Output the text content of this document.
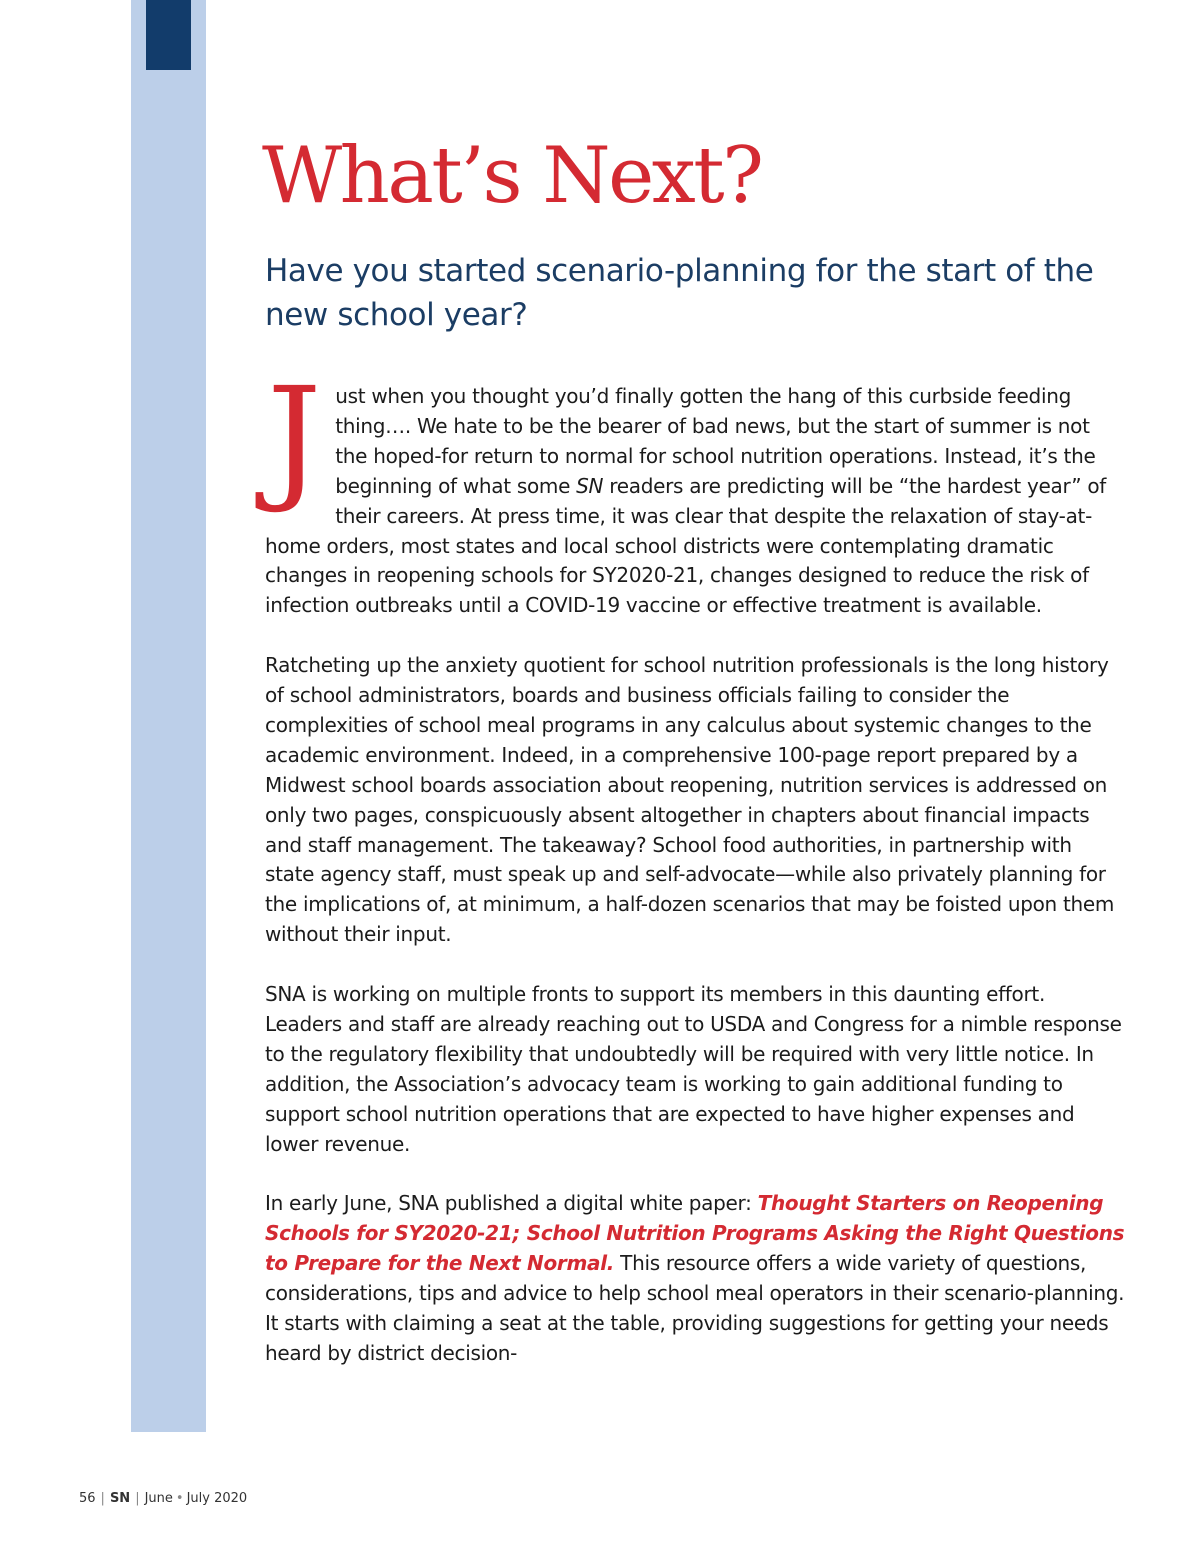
What’s Next?
Have you started scenario-planning for the start of the new school year?

Just when you thought you’d finally gotten the hang of this curbside feeding thing…. We hate to be the bearer of bad news, but the start of summer is not the hoped-for return to normal for school nutrition operations. Instead, it’s the beginning of what some SN readers are predicting will be “the hardest year” of their careers. At press time, it was clear that despite the relaxation of stay-at-home orders, most states and local school districts were contemplating dramatic changes in reopening schools for SY2020-21, changes designed to reduce the risk of infection outbreaks until a COVID-19 vaccine or effective treatment is available.

Ratcheting up the anxiety quotient for school nutrition professionals is the long history of school administrators, boards and business officials failing to consider the complexities of school meal programs in any calculus about systemic changes to the academic environment. Indeed, in a comprehensive 100-page report prepared by a Midwest school boards association about reopening, nutrition services is addressed on only two pages, conspicuously absent altogether in chapters about financial impacts and staff management. The takeaway? School food authorities, in partnership with state agency staff, must speak up and self-advocate—while also privately planning for the implications of, at minimum, a half-dozen scenarios that may be foisted upon them without their input.

SNA is working on multiple fronts to support its members in this daunting effort. Leaders and staff are already reaching out to USDA and Congress for a nimble response to the regulatory flexibility that undoubtedly will be required with very little notice. In addition, the Association’s advocacy team is working to gain additional funding to support school nutrition operations that are expected to have higher expenses and lower revenue.

In early June, SNA published a digital white paper: Thought Starters on Reopening Schools for SY2020-21; School Nutrition Programs Asking the Right Questions to Prepare for the Next Normal. This resource offers a wide variety of questions, considerations, tips and advice to help school meal operators in their scenario-planning. It starts with claiming a seat at the table, providing suggestions for getting your needs heard by district decision-

56 | SN | June • July 2020
